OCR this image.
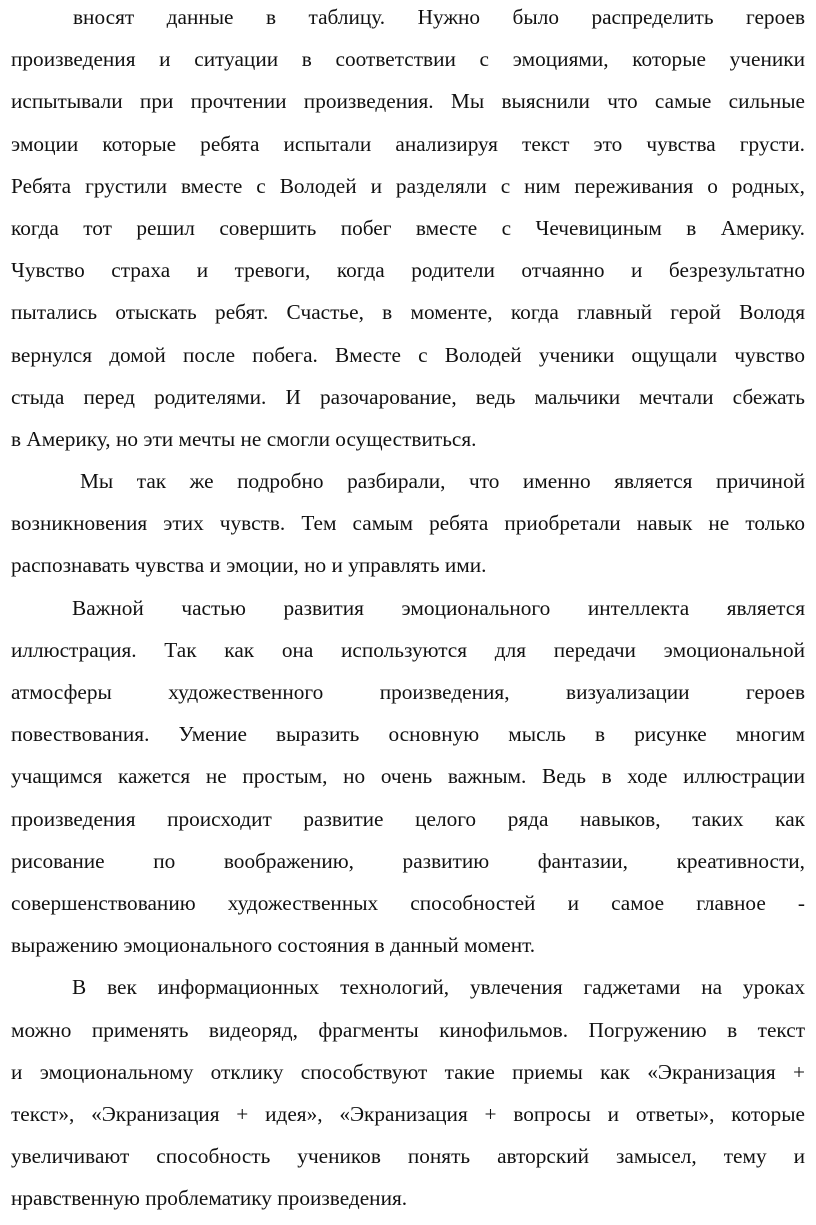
вносят данные в таблицу. Нужно было распределить героев
произведения и ситуации в соответствии с эмоциями, которые ученики
испытывали при прочтении произведения. Мы выяснили что самые сильные
эмоции которые ребята испытали анализируя текст это чувства грусти.
Ребята грустили вместе с Володей и разделяли с ним переживания о родных,
когда тот решил совершить побег вместе с Чечевициным в Америку.
Чувство страха и тревоги, когда родители отчаянно и безрезультатно
пытались отыскать ребят. Счастье, в моменте, когда главный герой Володя
вернулся домой после побега. Вместе с Володей ученики ощущали чувство
стыда перед родителями. И разочарование, ведь мальчики мечтали сбежать
в Америку, но эти мечты не смогли осуществиться.
Мы так же подробно разбирали, что именно является причиной
возникновения этих чувств. Тем самым ребята приобретали навык не только
распознавать чувства и эмоции, но и управлять ими.
Важной частью развития эмоционального интеллекта является
иллюстрация. Так как она используются для передачи эмоциональной
атмосферы художественного произведения, визуализации героев
повествования. Умение выразить основную мысль в рисунке многим
учащимся кажется не простым, но очень важным. Ведь в ходе иллюстрации
произведения происходит развитие целого ряда навыков, таких как
рисование по воображению, развитию фантазии, креативности,
совершенствованию художественных способностей и самое главное -
выражению эмоционального состояния в данный момент.
В век информационных технологий, увлечения гаджетами на уроках
можно применять видеоряд, фрагменты кинофильмов. Погружению в текст
и эмоциональному отклику способствуют такие приемы как «Экранизация +
текст», «Экранизация + идея», «Экранизация + вопросы и ответы», которые
увеличивают способность учеников понять авторский замысел, тему и
нравственную проблематику произведения.
